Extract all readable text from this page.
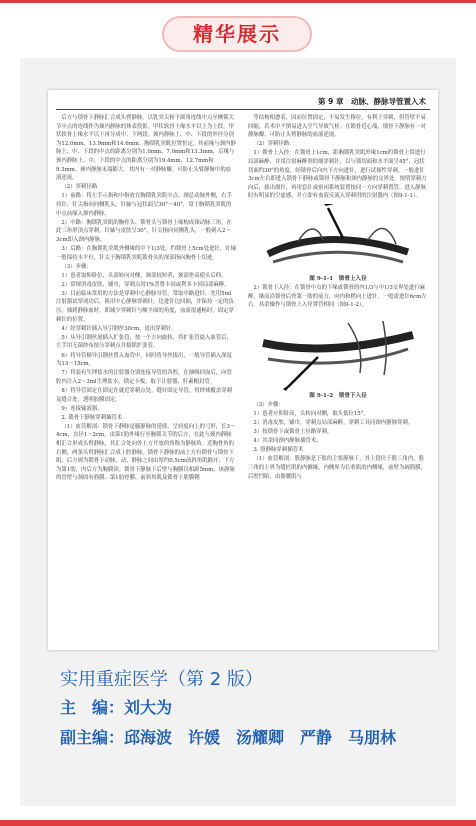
精华展示
第 9 章　动脉、静脉导管置入术

后方与锁骨下静脉汇合成头臂静脉。以乳突尖和下颌角连线中点至侧锁关节中点的连线作为颈内静脉的体表投影。甲状软骨上缘水平以上为上段，甲状软骨上缘水平以下再分成中、下两段。颈内静脉上、中、下段的外径分别为12.0mm、13.9mm和14.6mm。胸锁乳突肌位置恒定，其前缘与颈内静脉上、中、下段的中点的距离分别为1.0mm、7.0mm和13.3mm，后缘与颈内静脉上、中、下段的中点的距离分别为19.4mm、12.7mm和9.3mm。颈内静脉末端膨大，其内有一对静脉瓣，可防止头臂静脉中的血液逆流。

（2）穿刺径路

1）前路：将左手示指和中指放在胸锁乳突肌中点、颈总动脉外侧，右手持针，针尖指向同侧乳头，针轴与冠状面呈30°～40°，常于胸锁乳突肌的中点前缘入颈内静脉。

2）中路：胸锁乳突肌的胸骨头、锁骨头与锁骨上缘构成颈动脉三角，在此三角形顶点穿刺。针轴与皮肤呈30°，针尖指向同侧乳头，一般刺入2～3cm即入颈内静脉。

3）后路：在胸锁乳突肌外侧缘的中下1/3处，约锁骨上5cm处进针，针轴一般保持水平位，针尖于胸锁乳突肌锁骨头的深部指向胸骨上切迹。

（3）步骤：

1）患者取仰卧位，头部转向对侧，颈部较短者，颈部垫高使头后仰。

2）常规消毒皮肤，铺巾，穿刺点用1%普鲁卡因或利多卡因局部麻醉。

3）目前临床常用的方法是穿刺中心静脉导管，常取中路进针，先用5ml注射器试穿成功后，换用中心静脉穿刺针，边进针边回抽，并保持一定的负压，抽到静脉血时，即减少穿刺针与额平面的角度，血流很通畅时，固定穿刺针的位置。

4）经穿刺针插入导引钢丝30cm，退出穿刺针。

5）从导引钢丝尾插入扩张管，按一个方向旋转，将扩张管旋入血管后，左手用无菌纱布按压穿刺点并拔除扩张管。

6）将导管顺导引钢丝置入血管中，同时将导丝拔出，一般导管插入深度为13～15cm。

7）将装有生理盐水的注射器分别连接导管的各腔，在抽吸回血后，向管腔内注入2～3ml生理盐水，锁定卡板，取下注射器，肝素帽封管。

8）将导管固定在固定在就近穿刺点处，缝针固定导管，用纱球覆盖穿刺及缝合处，透明胶膜固定。

9）连接输液器。

2. 锁骨下静脉穿刺插管术

（1）血管解剖：锁骨下静脉是腋静脉的延续，呈轻度向上的弓形，长3～4cm，直径1～2cm，由第1肋外缘行至胸锁关节的后方，在此与颈内静脉相汇合形成头臂静脉，其汇合处向外上方开放的角称为静脉角。近胸骨角的右侧，两条头臂静脉汇合成上腔静脉。锁骨下静脉的前上方有锁骨与锁骨下肌，后方则为锁骨下动脉，动、静脉之间由厚约0.5cm前斜角肌隔开；下方为第1肋，内后方为胸膜顶。锁骨下静脉下后壁与胸膜仅相距5mm，该静脉的管壁与颈固有筋膜、第1肋骨膜、前斜角肌及锁骨下筋膜鞘

等结构相愈着，因而位置固定，不易发生移位，有利于穿刺，但管壁不易回缩，若术中不慎易进入空气导致气栓。在锁骨近心端，锁骨下静脉有一对静脉瓣，可防止头臂静脉的血液逆流。

（2）穿刺径路：

1）锁骨上入径：在锁骨上1cm，距胸锁乳突肌外缘1cm的锁骨上窝进行局部麻醉，并用注射麻醉剂的细穿刺针，以与锁切面和水平面呈45°，冠状切面约30°的角度，经锁骨后向内下方向进针，进行试探性穿刺。一般进针3cm左右即进入锁骨下静脉或锁骨下静脉和颈内静脉的交界处。按明穿刺方向后，拔出细针，再用套针或密闭系统装置按同一方向穿刺置管。进入静脉时有明显的空虚感，并立即有血液反流入穿刺用的注射器内（图9-1-1）。

图 9-1-1　锁骨上入径

2）锁骨下入径：在锁骨中点的下缘或锁骨的内1/3与中1/3交界处进行麻醉，继而沿锁骨后骨第一肋的前方，向内和稍向上进针。一般需进针6cm左右。其余操作与锁骨上入径置管相同（图9-1-2）。

图 9-1-2　锁骨下入径

（3）步骤：

1）患者应仰卧高，头转向对侧，取头低位15°。

2）消毒皮肤，铺巾，穿刺点局部麻醉，穿刺工具同颈内静脉穿刺。

3）按锁骨下或锁骨上径路穿刺。

4）其余同颈内静脉插管术。

3. 股静脉穿刺插管术

（1）血管解剖：股静脉是下肢的主要静脉干，其上段位于股三角内，股三角的上界为缝匠肌的内侧缘，内侧界为长收肌的内侧缘，前壁为阔筋膜，后壁凹陷，由髂腰肌与

实用重症医学（第 2 版）
主　编：刘大为
副主编：邱海波　许媛　汤耀卿　严静　马朋林
